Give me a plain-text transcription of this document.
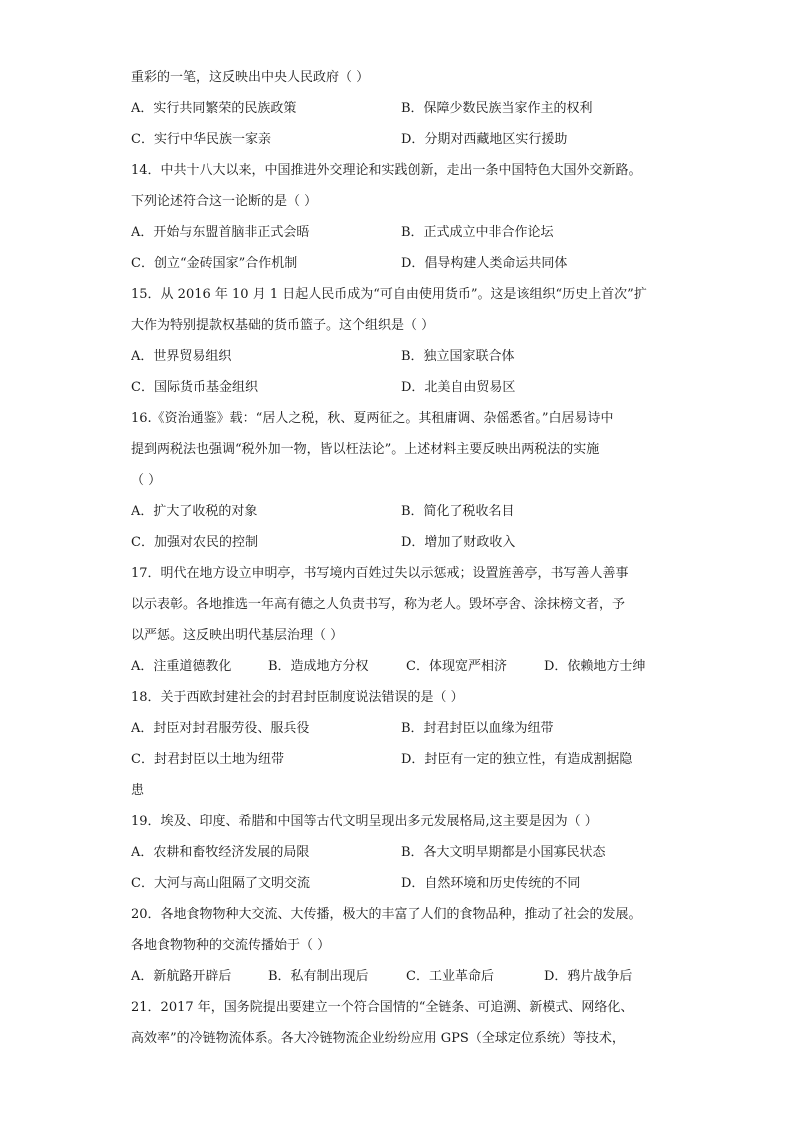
重彩的一笔，这反映出中央人民政府（ ）
A．实行共同繁荣的民族政策	B．保障少数民族当家作主的权利
C．实行中华民族一家亲	D．分期对西藏地区实行援助
14．中共十八大以来，中国推进外交理论和实践创新，走出一条中国特色大国外交新路。
下列论述符合这一论断的是（ ）
A．开始与东盟首脑非正式会晤	B．正式成立中非合作论坛
C．创立“金砖国家”合作机制	D．倡导构建人类命运共同体
15．从 2016 年 10 月 1 日起人民币成为“可自由使用货币”。这是该组织“历史上首次”扩
大作为特别提款权基础的货币篮子。这个组织是（ ）
A．世界贸易组织	B．独立国家联合体
C．国际货币基金组织	D．北美自由贸易区
16.《资治通鉴》载：“居人之税，秋、夏两征之。其租庸调、杂傜悉省。”白居易诗中
提到两税法也强调“税外加一物，皆以枉法论”。上述材料主要反映出两税法的实施
（ ）
A．扩大了收税的对象	B．简化了税收名目
C．加强对农民的控制	D．增加了财政收入
17．明代在地方设立申明亭，书写境内百姓过失以示惩戒；设置旌善亭，书写善人善事
以示表彰。各地推选一年高有德之人负责书写，称为老人。毁坏亭舍、涂抹榜文者，予
以严惩。这反映出明代基层治理（ ）
A．注重道德教化	B．造成地方分权	C．体现宽严相济	D．依赖地方士绅
18．关于西欧封建社会的封君封臣制度说法错误的是（ ）
A．封臣对封君服劳役、服兵役	B．封君封臣以血缘为纽带
C．封君封臣以土地为纽带	D．封臣有一定的独立性，有造成割据隐
患
19．埃及、印度、希腊和中国等古代文明呈现出多元发展格局,这主要是因为（ ）
A．农耕和畜牧经济发展的局限	B．各大文明早期都是小国寡民状态
C．大河与高山阻隔了文明交流	D．自然环境和历史传统的不同
20．各地食物物种大交流、大传播，极大的丰富了人们的食物品种，推动了社会的发展。
各地食物物种的交流传播始于（ ）
A．新航路开辟后	B．私有制出现后	C．工业革命后	D．鸦片战争后
21．2017 年，国务院提出要建立一个符合国情的“全链条、可追溯、新模式、网络化、
高效率”的冷链物流体系。各大冷链物流企业纷纷应用 GPS（全球定位系统）等技术，
